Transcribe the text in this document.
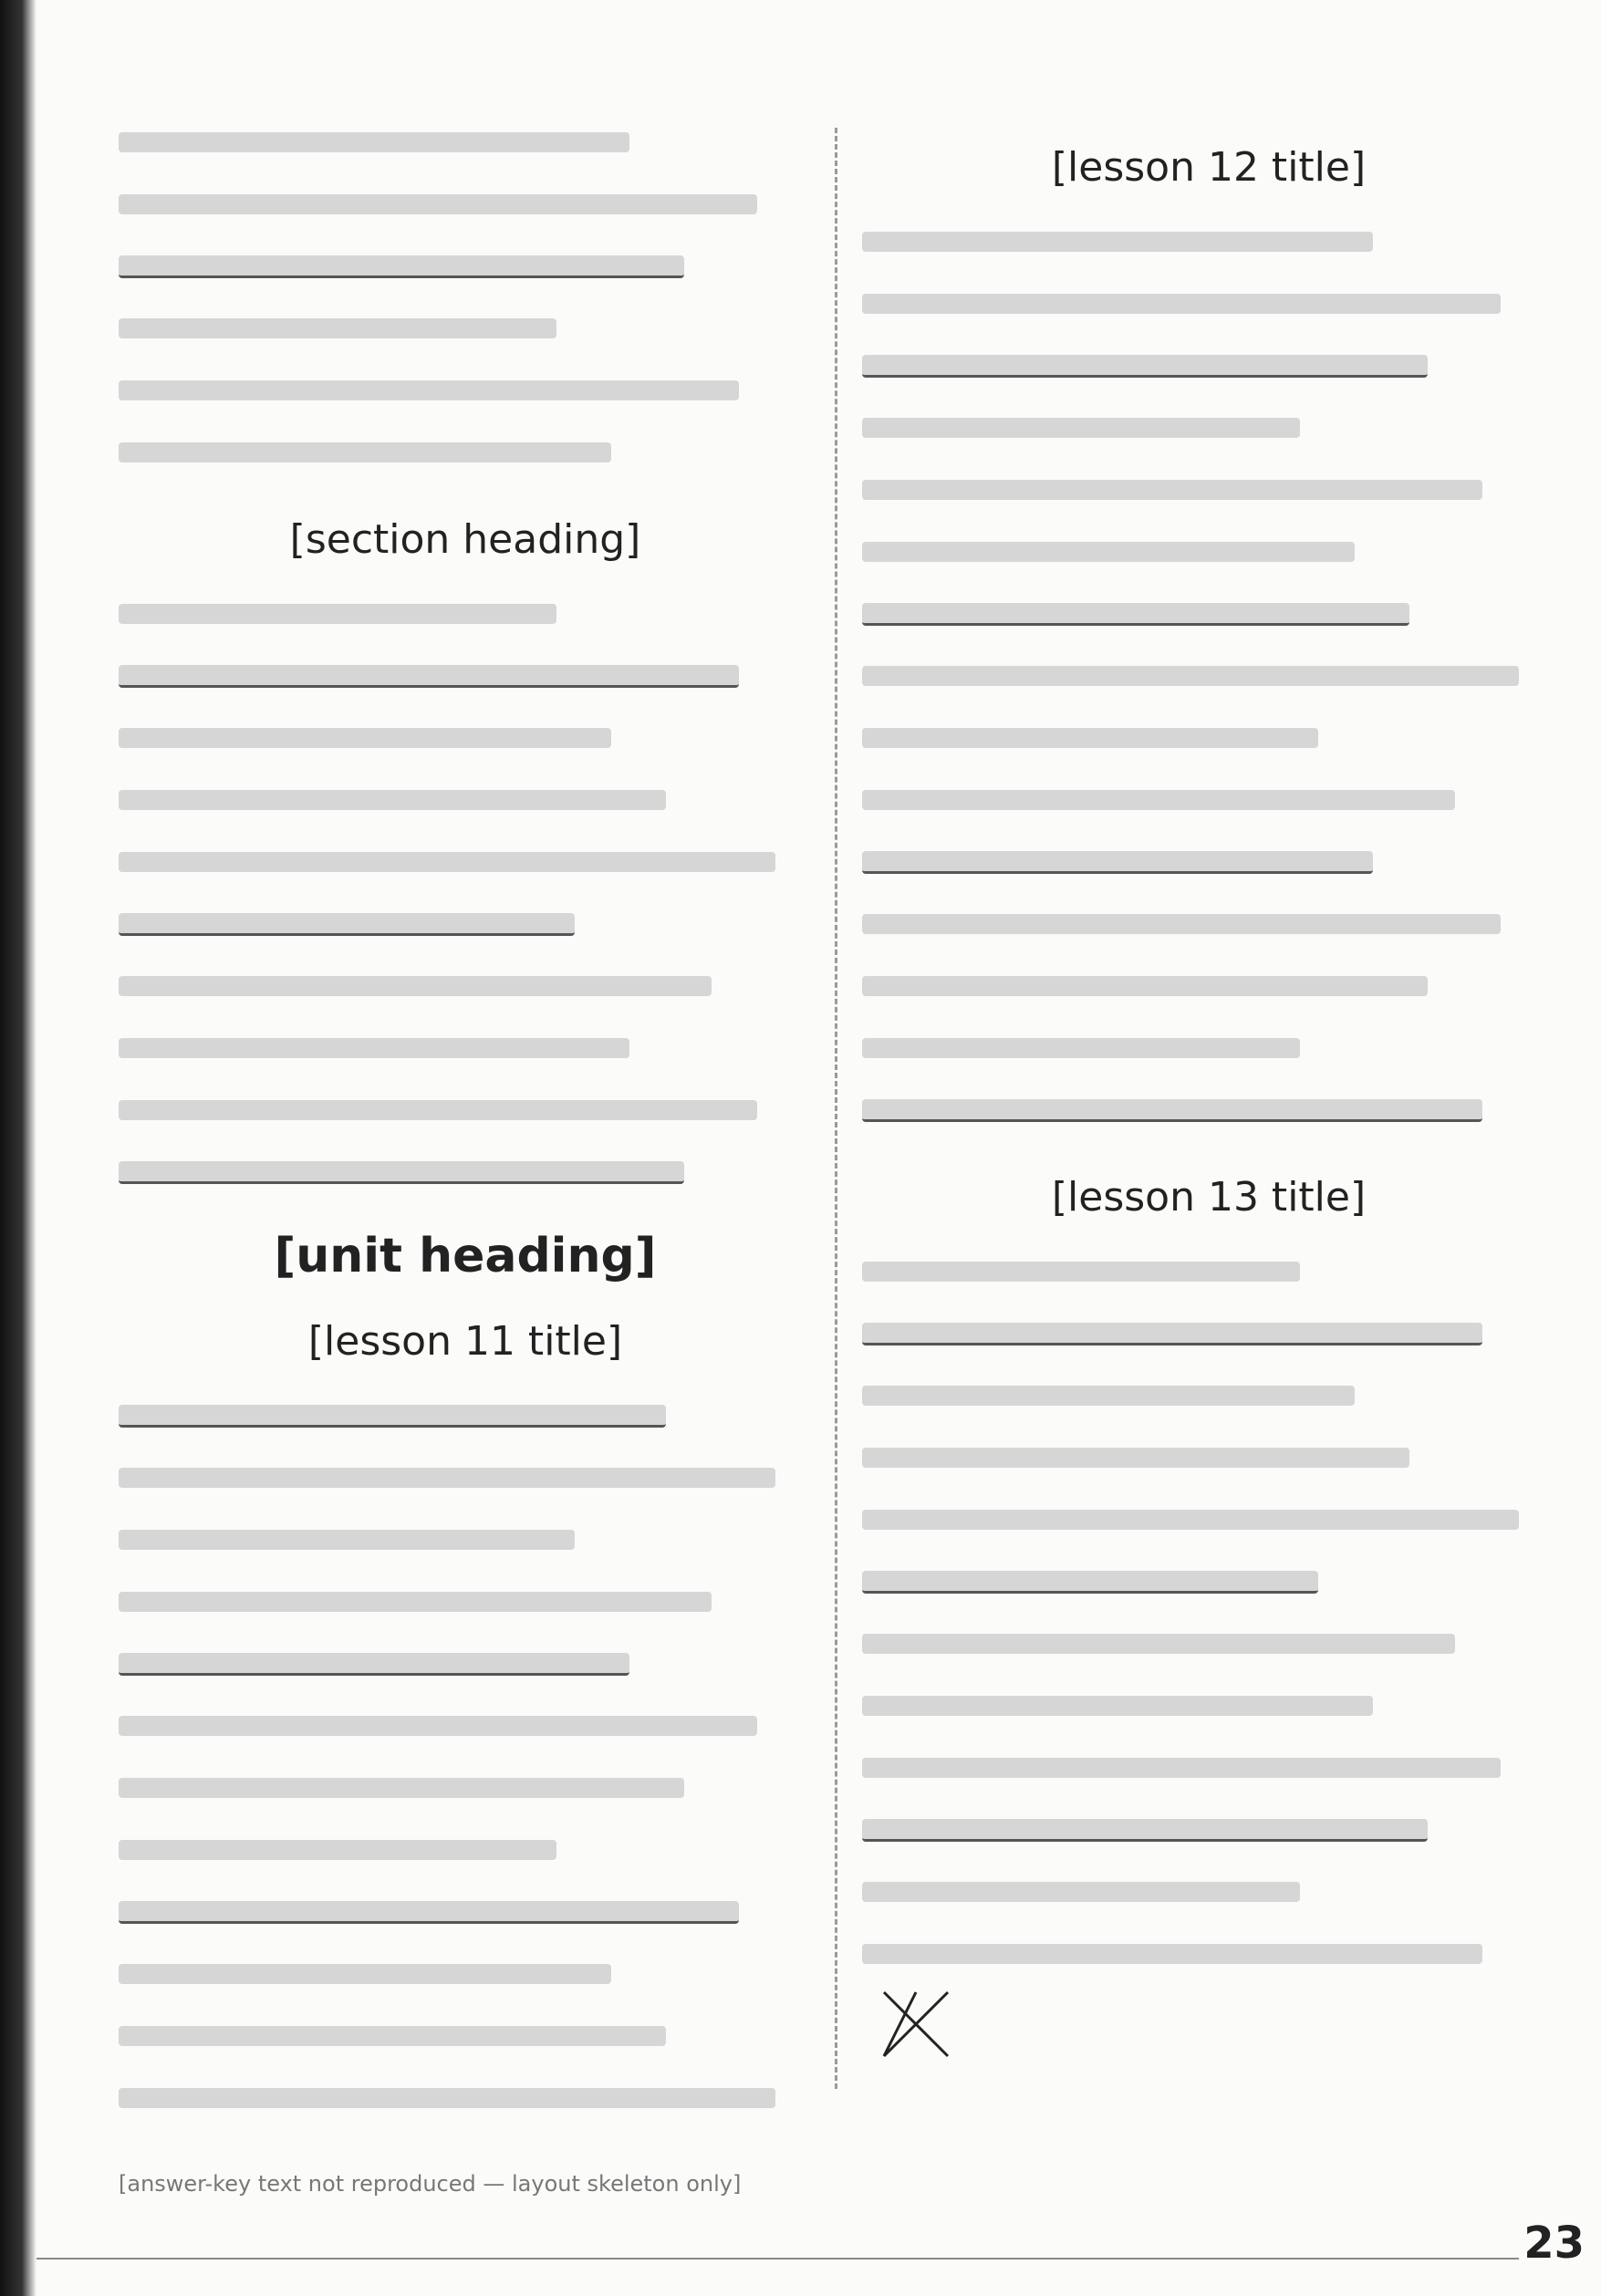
[section heading]
[unit heading]
[lesson 11 title]
[lesson 12 title]
[lesson 13 title]
[answer-key text not reproduced — layout skeleton only]
23
